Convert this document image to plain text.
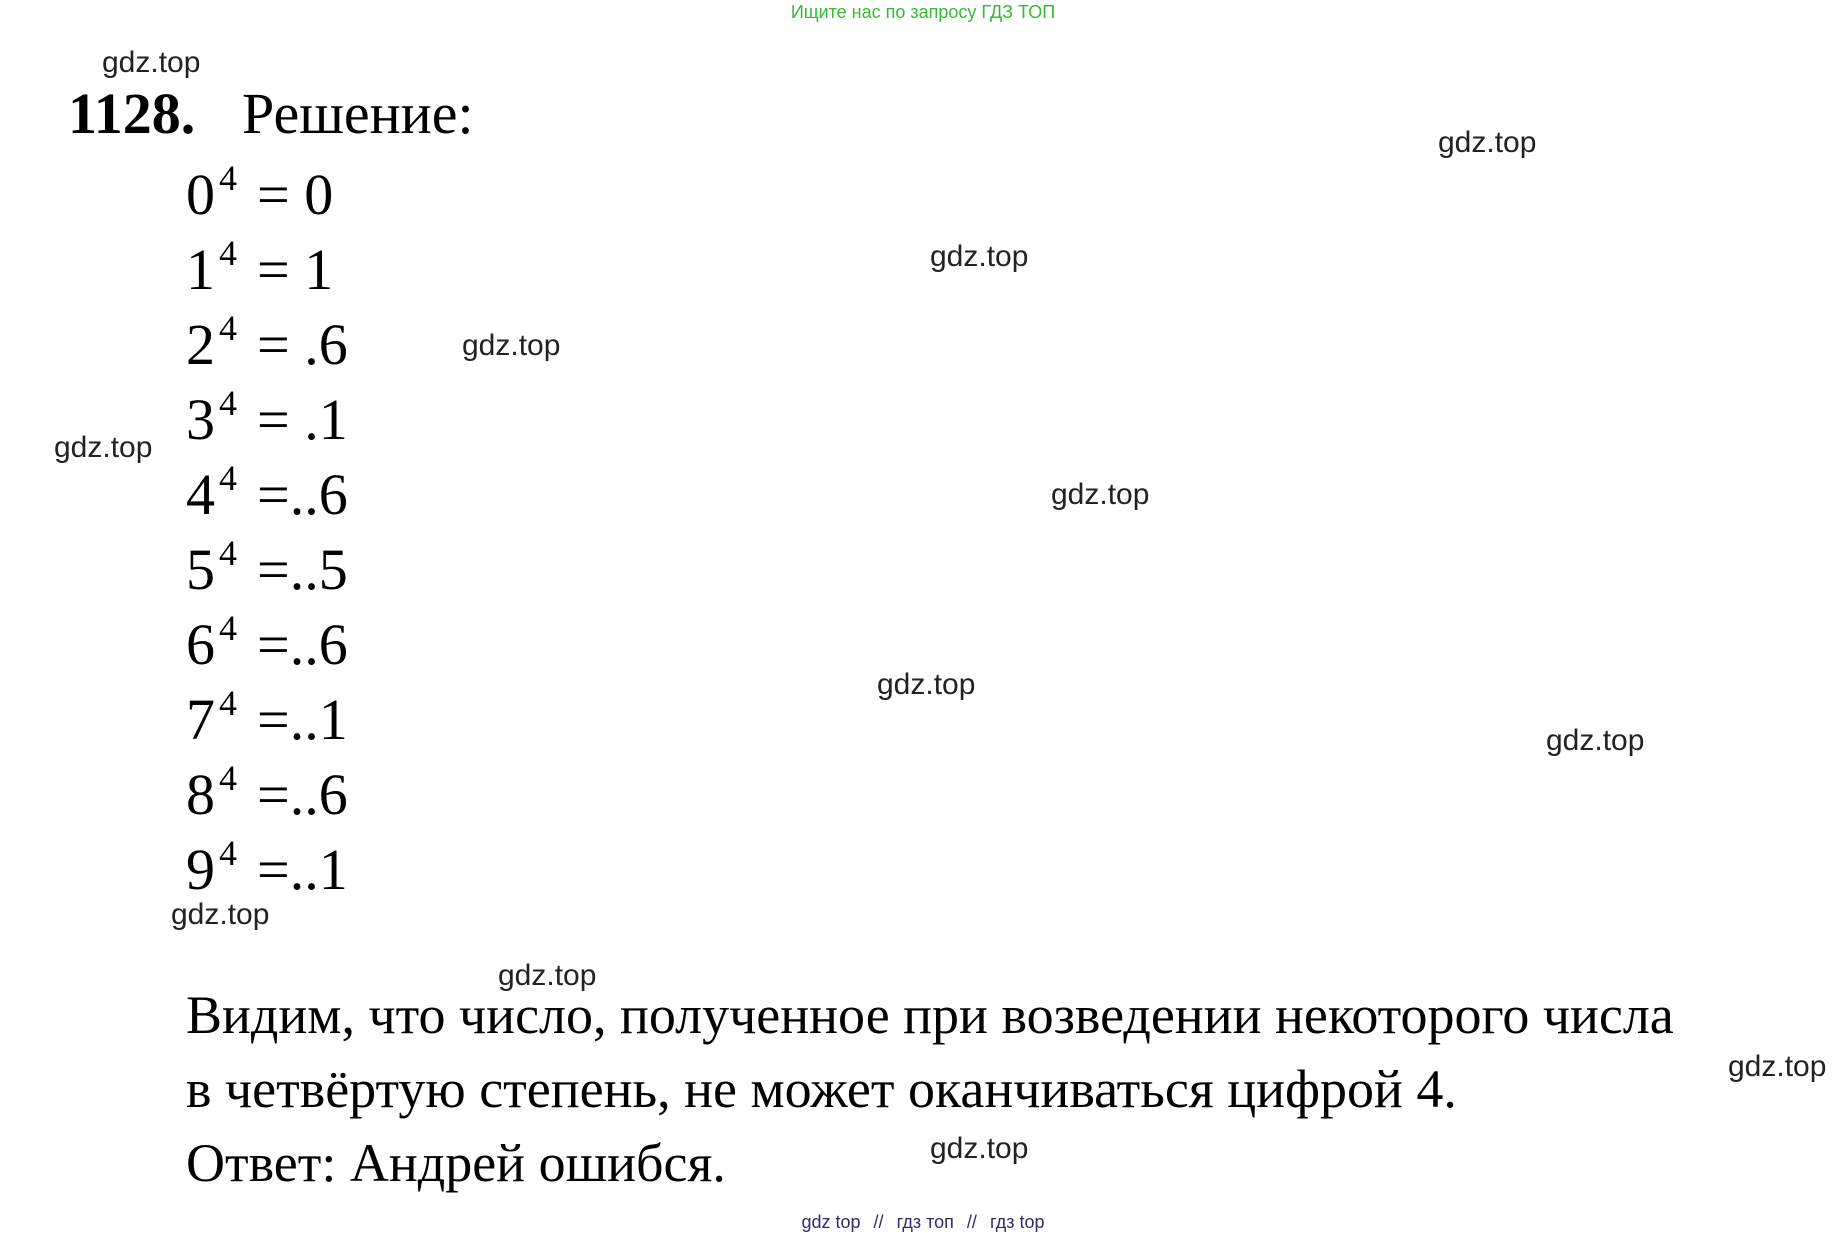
Ищите нас по запросу ГДЗ ТОП
1128. Решение:
0 $^4$ = 0
1 $^4$ = 1
2 $^4$ = .6
3 $^4$ = .1
4 $^4$ =..6
5 $^4$ =..5
6 $^4$ =..6
7 $^4$ =..1
8 $^4$ =..6
9 $^4$ =..1
Видим, что число, полученное при возведении некоторого числа
в четвёртую степень, не может оканчиваться цифрой 4.
Ответ: Андрей ошибся.
gdz.top
gdz.top
gdz.top
gdz.top
gdz.top
gdz.top
gdz.top
gdz.top
gdz.top
gdz.top
gdz.top
gdz.top
gdz top // гдз топ // гдз top
